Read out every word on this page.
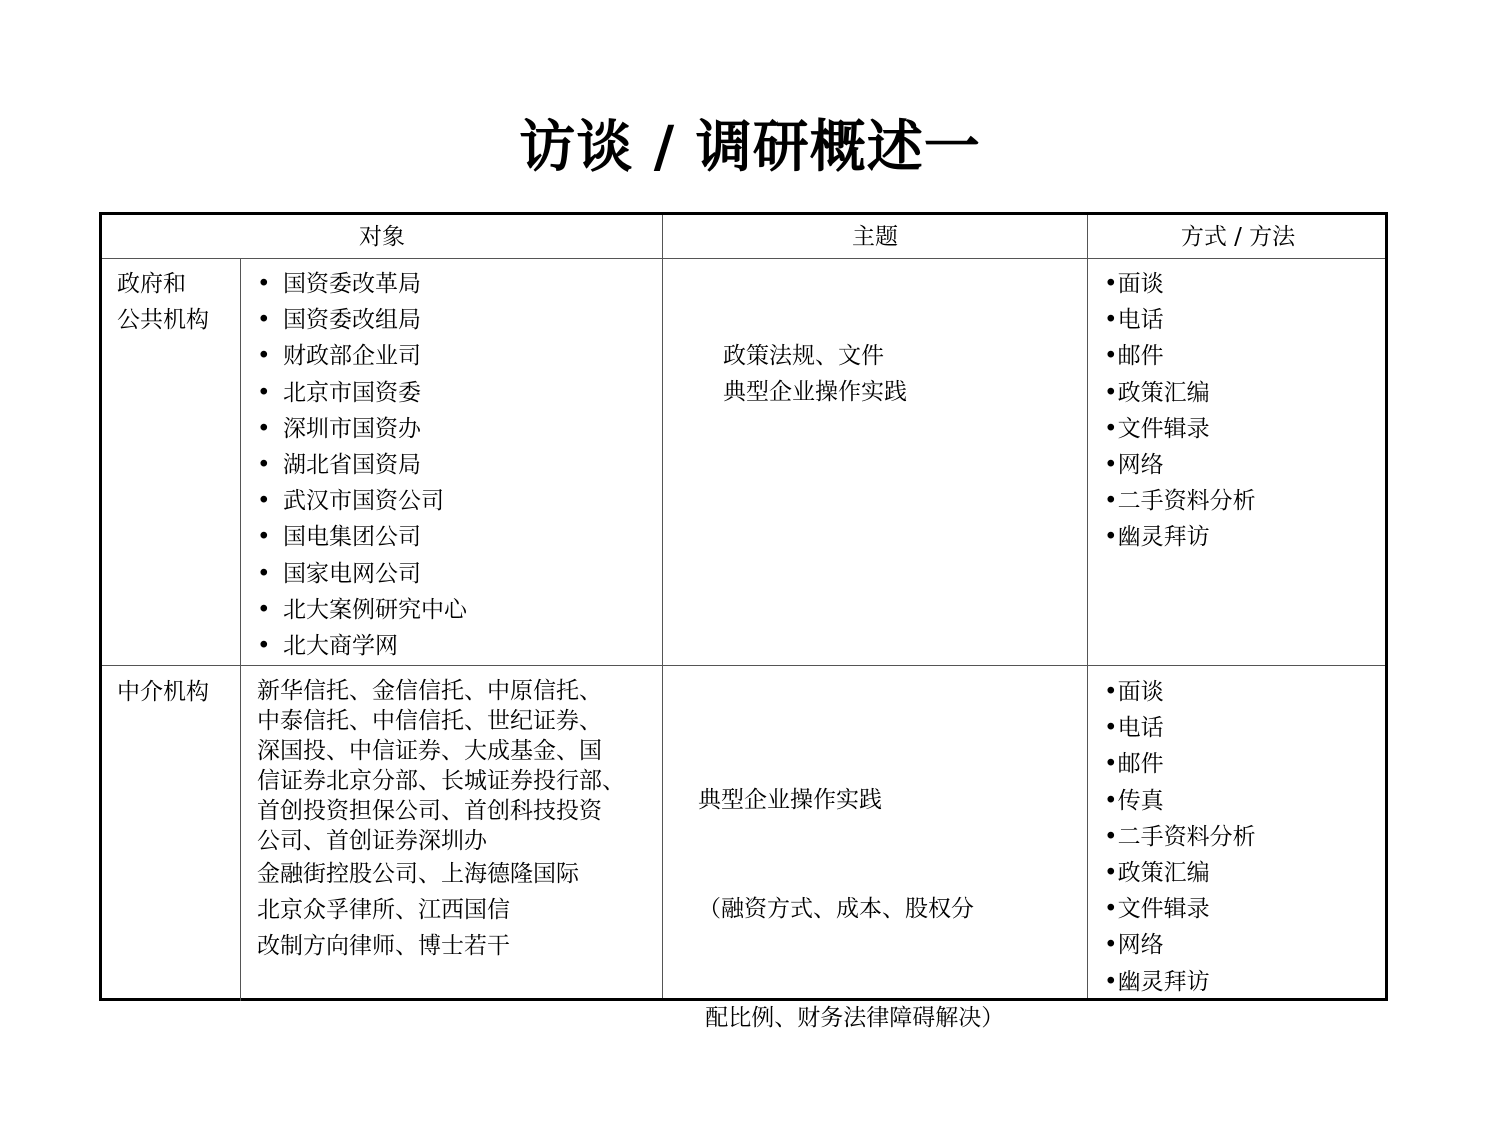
访谈 / 调研概述一
对象	主题	方式 / 方法
政府和
公共机构
• 国资委改革局
• 国资委改组局
• 财政部企业司
• 北京市国资委
• 深圳市国资办
• 湖北省国资局
• 武汉市国资公司
• 国电集团公司
• 国家电网公司
• 北大案例研究中心
• 北大商学网
政策法规、文件
典型企业操作实践
• 面谈
• 电话
• 邮件
• 政策汇编
• 文件辑录
• 网络
• 二手资料分析
• 幽灵拜访
中介机构 新华信托、金信信托、中原信托、
中泰信托、中信信托、世纪证券、
深国投、中信证券、大成基金、国
信证券北京分部、长城证券投行部、
首创投资担保公司、首创科技投资
公司、首创证券深圳办
金融街控股公司、上海德隆国际
北京众孚律所、江西国信
改制方向律师、博士若干

典型企业操作实践

（融资方式、成本、股权分

配比例、财务法律障碍解决）

• 面谈
• 电话
• 邮件
• 传真
• 二手资料分析
• 政策汇编
• 文件辑录
• 网络
• 幽灵拜访
